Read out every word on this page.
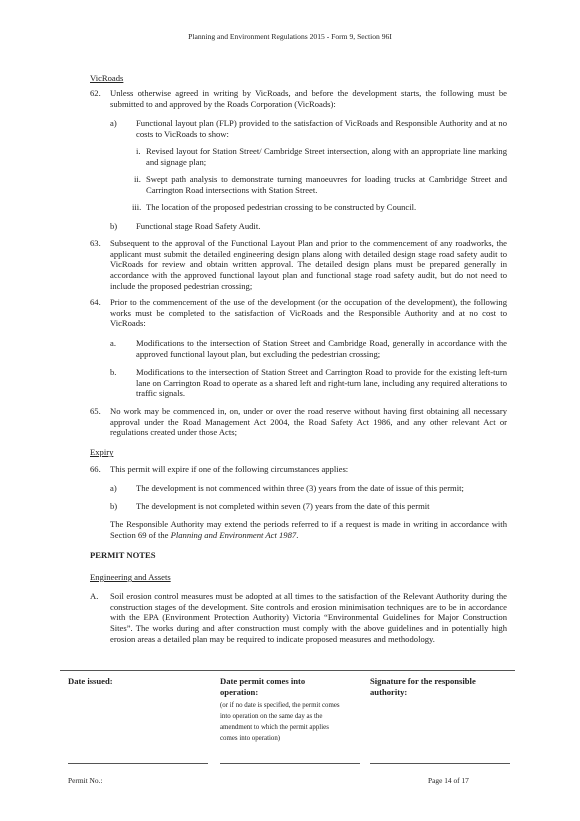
Planning and Environment Regulations 2015 - Form 9, Section 96I
VicRoads
62. Unless otherwise agreed in writing by VicRoads, and before the development starts, the following must be submitted to and approved by the Roads Corporation (VicRoads):
a) Functional layout plan (FLP) provided to the satisfaction of VicRoads and Responsible Authority and at no costs to VicRoads to show:
i. Revised layout for Station Street/ Cambridge Street intersection, along with an appropriate line marking and signage plan;
ii. Swept path analysis to demonstrate turning manoeuvres for loading trucks at Cambridge Street and Carrington Road intersections with Station Street.
iii. The location of the proposed pedestrian crossing to be constructed by Council.
b) Functional stage Road Safety Audit.
63. Subsequent to the approval of the Functional Layout Plan and prior to the commencement of any roadworks, the applicant must submit the detailed engineering design plans along with detailed design stage road safety audit to VicRoads for review and obtain written approval. The detailed design plans must be prepared generally in accordance with the approved functional layout plan and functional stage road safety audit, but do not need to include the proposed pedestrian crossing;
64. Prior to the commencement of the use of the development (or the occupation of the development), the following works must be completed to the satisfaction of VicRoads and the Responsible Authority and at no cost to VicRoads:
a. Modifications to the intersection of Station Street and Cambridge Road, generally in accordance with the approved functional layout plan, but excluding the pedestrian crossing;
b. Modifications to the intersection of Station Street and Carrington Road to provide for the existing left-turn lane on Carrington Road to operate as a shared left and right-turn lane, including any required alterations to traffic signals.
65. No work may be commenced in, on, under or over the road reserve without having first obtaining all necessary approval under the Road Management Act 2004, the Road Safety Act 1986, and any other relevant Act or regulations created under those Acts;
Expiry
66. This permit will expire if one of the following circumstances applies:
a) The development is not commenced within three (3) years from the date of issue of this permit;
b) The development is not completed within seven (7) years from the date of this permit
The Responsible Authority may extend the periods referred to if a request is made in writing in accordance with Section 69 of the Planning and Environment Act 1987.
PERMIT NOTES
Engineering and Assets
A. Soil erosion control measures must be adopted at all times to the satisfaction of the Relevant Authority during the construction stages of the development. Site controls and erosion minimisation techniques are to be in accordance with the EPA (Environment Protection Authority) Victoria “Environmental Guidelines for Major Construction Sites”. The works during and after construction must comply with the above guidelines and in potentially high erosion areas a detailed plan may be required to indicate proposed measures and methodology.
Date issued:	Date permit comes into operation:
(or if no date is specified, the permit comes into operation on the same day as the amendment to which the permit applies comes into operation)
Signature for the responsible authority:
Permit No.:	Page 14 of 17
